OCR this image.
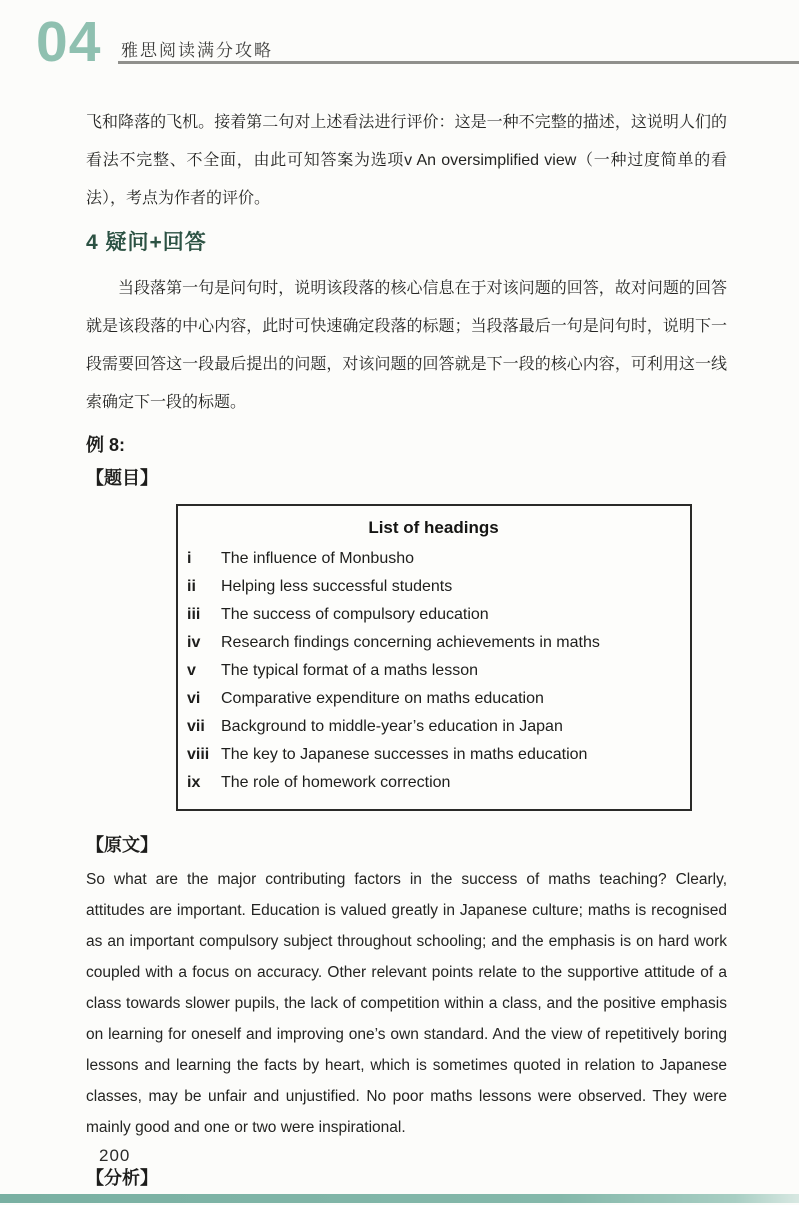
04 雅思阅读满分攻略

飞和降落的飞机。接着第二句对上述看法进行评价：这是一种不完整的描述，这说明人们的看法不完整、不全面，由此可知答案为选项v An oversimplified view（一种过度简单的看法），考点为作者的评价。

4 疑问+回答

当段落第一句是问句时，说明该段落的核心信息在于对该问题的回答，故对问题的回答就是该段落的中心内容，此时可快速确定段落的标题；当段落最后一句是问句时，说明下一段需要回答这一段最后提出的问题，对该问题的回答就是下一段的核心内容，可利用这一线索确定下一段的标题。

例 8:
【题目】
List of headings
i	The influence of Monbusho
ii	Helping less successful students
iii	The success of compulsory education
iv	Research findings concerning achievements in maths
v	The typical format of a maths lesson
vi	Comparative expenditure on maths education
vii	Background to middle-year’s education in Japan
viii The key to Japanese successes in maths education
ix	The role of homework correction
【原文】

So what are the major contributing factors in the success of maths teaching? Clearly, attitudes are important. Education is valued greatly in Japanese culture; maths is recognised as an important compulsory subject throughout schooling; and the emphasis is on hard work coupled with a focus on accuracy. Other relevant points relate to the supportive attitude of a class towards slower pupils, the lack of competition within a class, and the positive emphasis on learning for oneself and improving one’s own standard. And the view of repetitively boring lessons and learning the facts by heart, which is sometimes quoted in relation to Japanese classes, may be unfair and unjustified. No poor maths lessons were observed. They were mainly good and one or two were inspirational.

【分析】
200
